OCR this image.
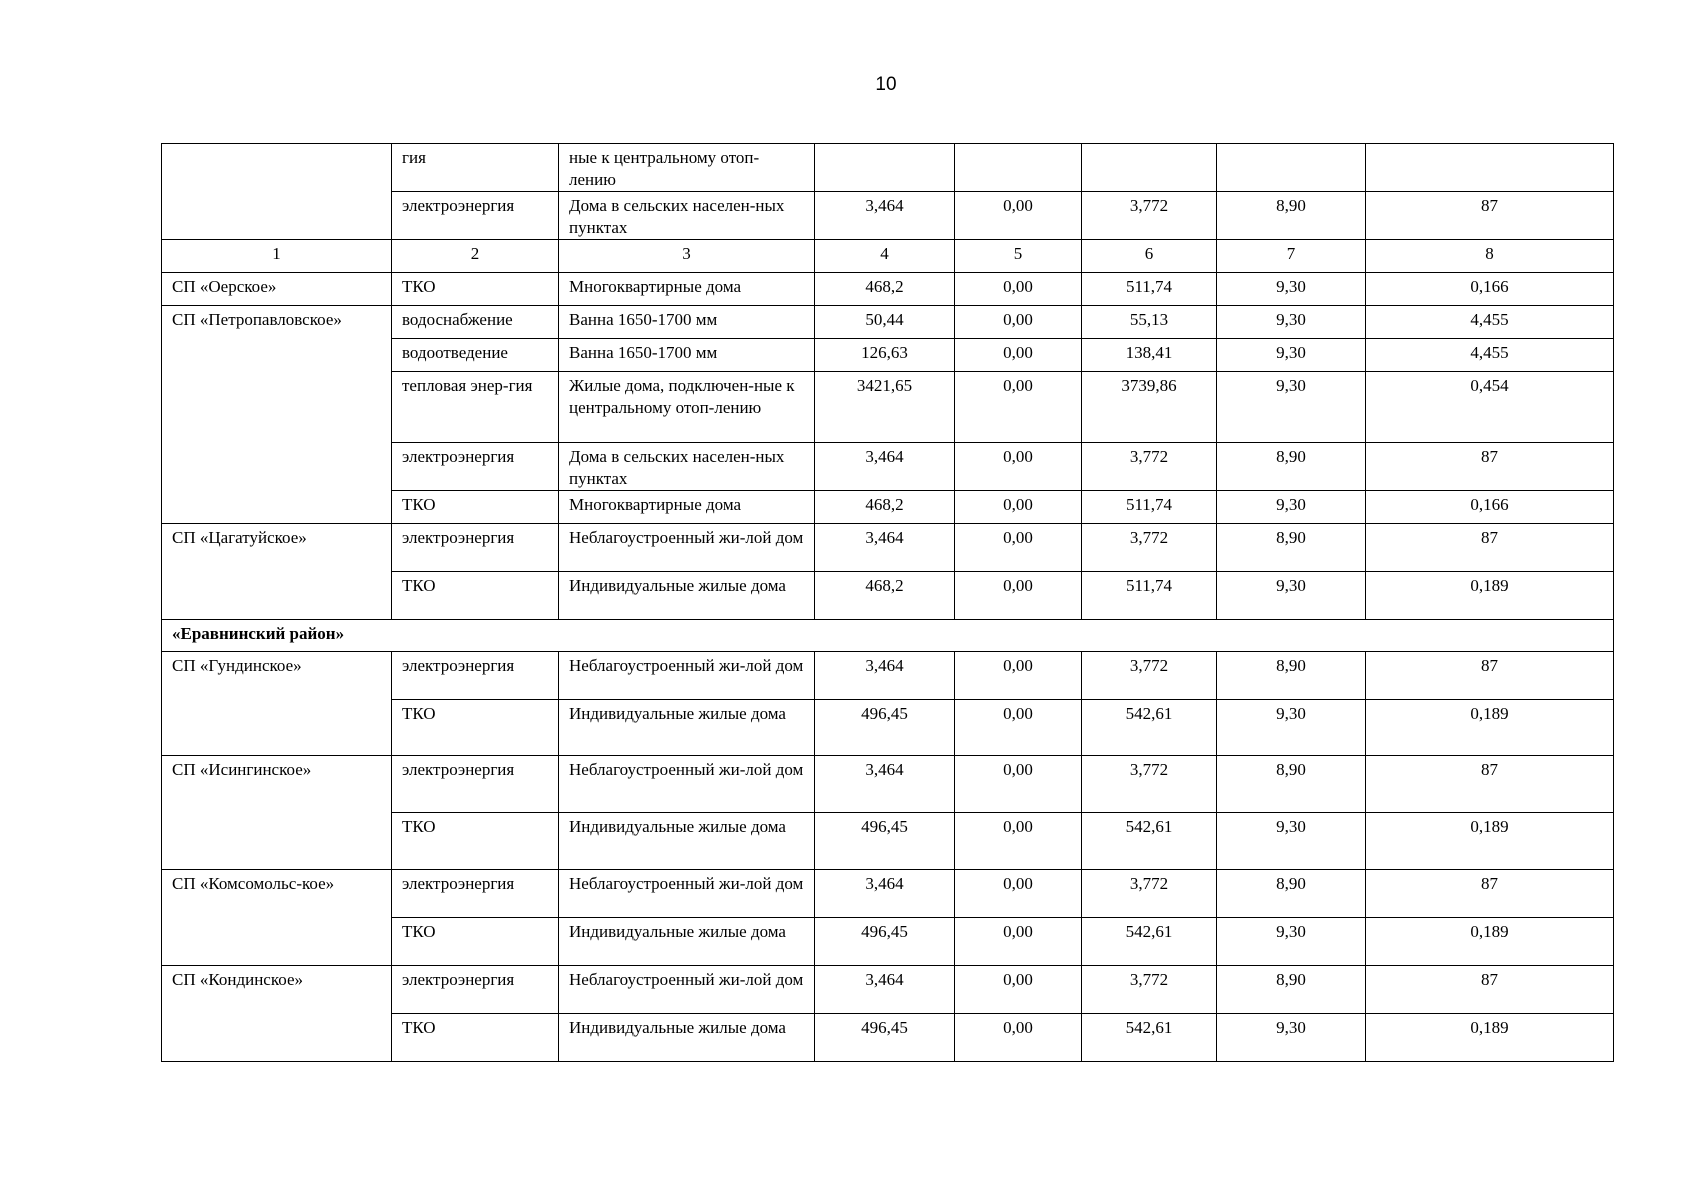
10
	гия	ные к центральному отоп-лению					
	электроэнергия	Дома в сельских населен-ных пунктах	3,464	0,00	3,772	8,90	87
1	2	3	4	5	6	7	8
СП «Оерское»	ТКО	Многоквартирные дома	468,2	0,00	511,74	9,30	0,166
СП «Петропавловское»	водоснабжение	Ванна 1650-1700 мм	50,44	0,00	55,13	9,30	4,455
	водоотведение	Ванна 1650-1700 мм	126,63	0,00	138,41	9,30	4,455
	тепловая энер-гия	Жилые дома, подключен-ные к центральному отоп-лению	3421,65	0,00	3739,86	9,30	0,454
	электроэнергия	Дома в сельских населен-ных пунктах	3,464	0,00	3,772	8,90	87
	ТКО	Многоквартирные дома	468,2	0,00	511,74	9,30	0,166
СП «Цагатуйское»	электроэнергия	Неблагоустроенный жи-лой дом	3,464	0,00	3,772	8,90	87
	ТКО	Индивидуальные жилые дома	468,2	0,00	511,74	9,30	0,189
«Еравнинский район»							
СП «Гундинское»	электроэнергия	Неблагоустроенный жи-лой дом	3,464	0,00	3,772	8,90	87
	ТКО	Индивидуальные жилые дома	496,45	0,00	542,61	9,30	0,189
СП «Исингинское»	электроэнергия	Неблагоустроенный жи-лой дом	3,464	0,00	3,772	8,90	87
	ТКО	Индивидуальные жилые дома	496,45	0,00	542,61	9,30	0,189
СП «Комсомольс-кое»	электроэнергия	Неблагоустроенный жи-лой дом	3,464	0,00	3,772	8,90	87
	ТКО	Индивидуальные жилые дома	496,45	0,00	542,61	9,30	0,189
СП «Кондинское»	электроэнергия	Неблагоустроенный жи-лой дом	3,464	0,00	3,772	8,90	87
	ТКО	Индивидуальные жилые дома	496,45	0,00	542,61	9,30	0,189
